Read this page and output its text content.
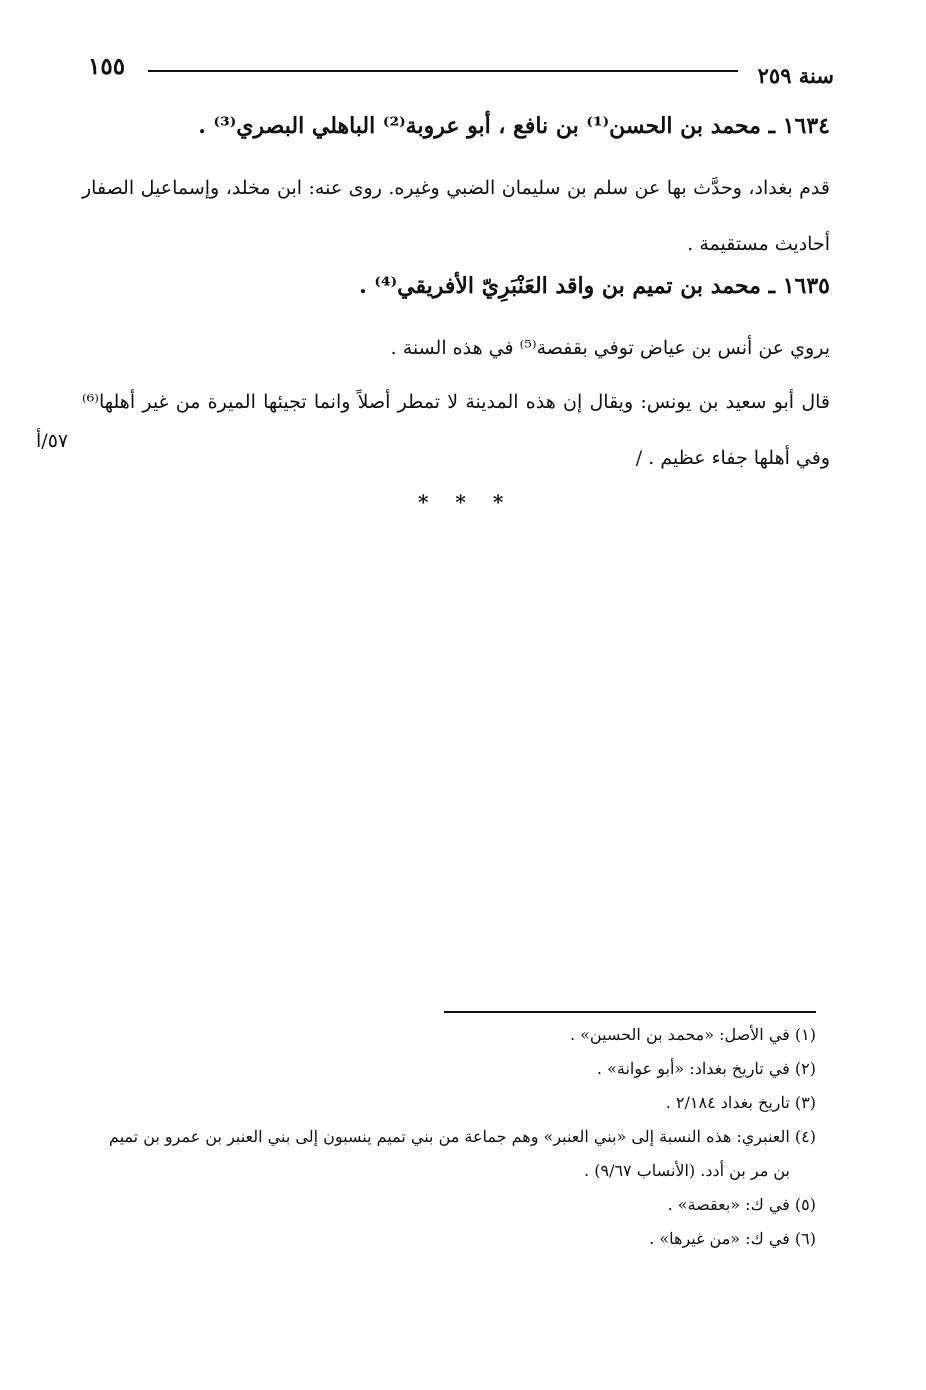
سنة ٢٥٩
١٥٥
١٦٣٤ ـ محمد بن الحسن⁽¹⁾ بن نافع ، أبو عروبة⁽²⁾ الباهلي البصري⁽³⁾ .
قدم بغداد، وحدَّث بها عن سلم بن سليمان الضبي وغيره. روى عنه: ابن مخلد، وإسماعيل الصفار أحاديث مستقيمة .
١٦٣٥ ـ محمد بن تميم بن واقد العَنْبَرِيّ الأفريقي⁽⁴⁾ .
يروي عن أنس بن عياض توفي بقفصة⁽⁵⁾ في هذه السنة .
قال أبو سعيد بن يونس: ويقال إن هذه المدينة لا تمطر أصلاً وانما تجيئها الميرة من غير أهلها⁽⁶⁾ وفي أهلها جفاء عظيم . /
٥٧/أ
* * *

(١) في الأصل: «محمد بن الحسين» .

(٢) في تاريخ بغداد: «أبو عوانة» .

(٣) تاريخ بغداد ٢/١٨٤ .

(٤) العنبري: هذه النسبة إلى «بني العنبر» وهم جماعة من بني تميم ينسبون إلى بني العنبر بن عمرو بن تميم

بن مر بن أدد. (الأنساب ٩/٦٧) .

(٥) في ك: «بعقصة» .

(٦) في ك: «من غيرها» .
